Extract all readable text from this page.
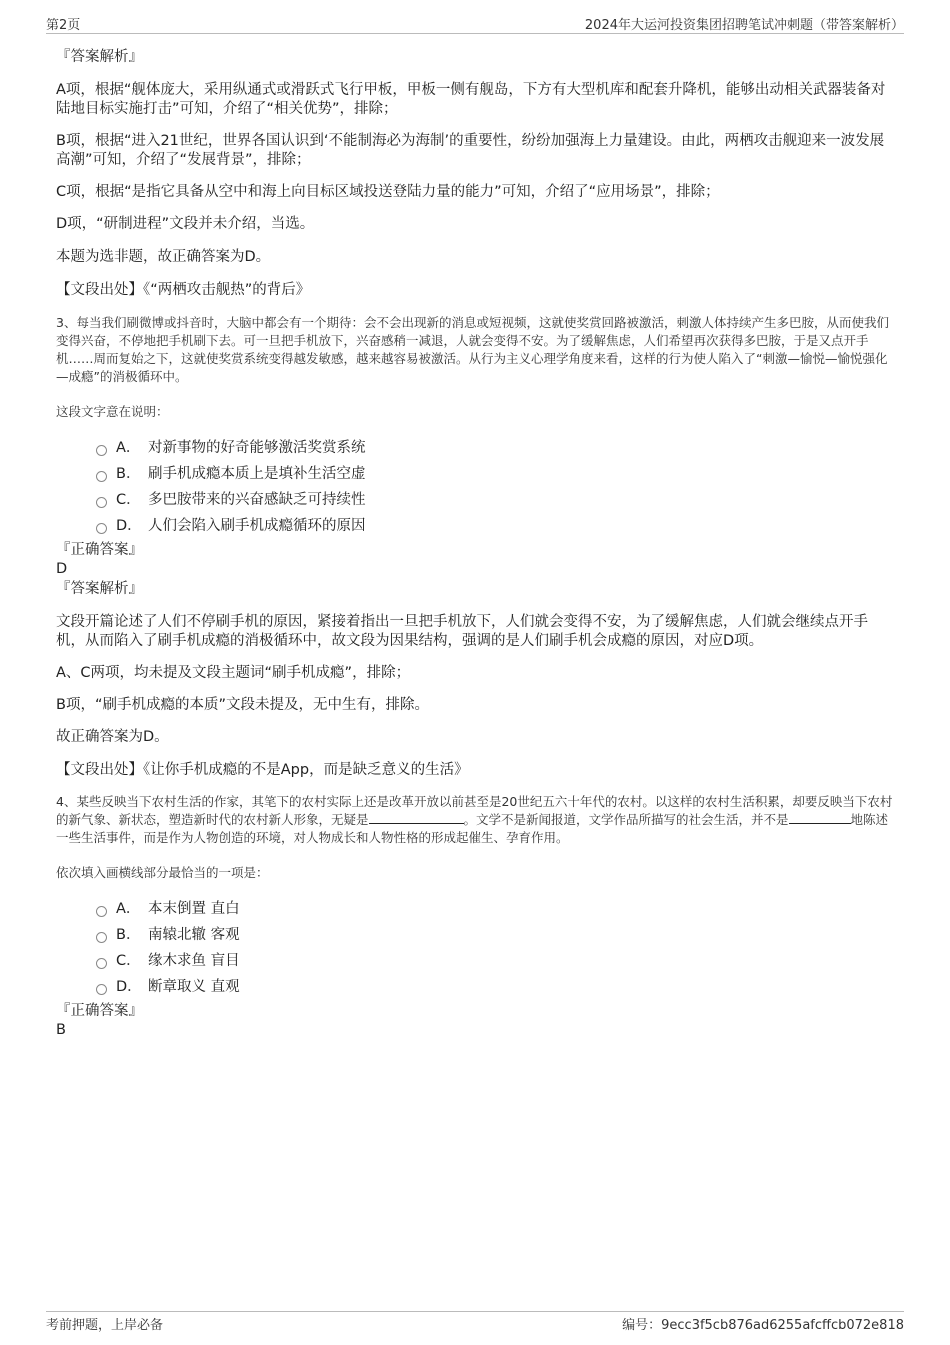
第2页	2024年大运河投资集团招聘笔试冲刺题（带答案解析）

『答案解析』

A项，根据“舰体庞大，采用纵通式或滑跃式飞行甲板，甲板一侧有舰岛，下方有大型机库和配套升降机，能够出动相关武器装备对陆地目标实施打击”可知，介绍了“相关优势”，排除；

B项，根据“进入21世纪，世界各国认识到‘不能制海必为海制’的重要性，纷纷加强海上力量建设。由此，两栖攻击舰迎来一波发展高潮”可知，介绍了“发展背景”，排除；

C项，根据“是指它具备从空中和海上向目标区域投送登陆力量的能力”可知，介绍了“应用场景”，排除；

D项，“研制进程”文段并未介绍，当选。

本题为选非题，故正确答案为D。

【文段出处】《“两栖攻击舰热”的背后》

3、每当我们刷微博或抖音时，大脑中都会有一个期待：会不会出现新的消息或短视频，这就使奖赏回路被激活，刺激人体持续产生多巴胺，从而使我们变得兴奋，不停地把手机刷下去。可一旦把手机放下，兴奋感稍一减退，人就会变得不安。为了缓解焦虑，人们希望再次获得多巴胺，于是又点开手机……周而复始之下，这就使奖赏系统变得越发敏感，越来越容易被激活。从行为主义心理学角度来看，这样的行为使人陷入了“刺激—愉悦—愉悦强化—成瘾”的消极循环中。

这段文字意在说明：

A． 对新事物的好奇能够激活奖赏系统
B． 刷手机成瘾本质上是填补生活空虚
C． 多巴胺带来的兴奋感缺乏可持续性
D． 人们会陷入刷手机成瘾循环的原因

『正确答案』

D

『答案解析』

文段开篇论述了人们不停刷手机的原因，紧接着指出一旦把手机放下，人们就会变得不安，为了缓解焦虑，人们就会继续点开手机，从而陷入了刷手机成瘾的消极循环中，故文段为因果结构，强调的是人们刷手机会成瘾的原因，对应D项。

A、C两项，均未提及文段主题词“刷手机成瘾”，排除；

B项，“刷手机成瘾的本质”文段未提及，无中生有，排除。

故正确答案为D。

【文段出处】《让你手机成瘾的不是App，而是缺乏意义的生活》

4、某些反映当下农村生活的作家，其笔下的农村实际上还是改革开放以前甚至是20世纪五六十年代的农村。以这样的农村生活积累，却要反映当下农村的新气象、新状态，塑造新时代的农村新人形象，无疑是	。文学不是新闻报道，文学作品所描写的社会生活，并不是	地陈述一些生活事件，而是作为人物创造的环境，对人物成长和人物性格的形成起催生、孕育作用。

依次填入画横线部分最恰当的一项是：

A． 本末倒置 直白
B． 南辕北辙 客观
C． 缘木求鱼 盲目
D． 断章取义 直观

『正确答案』

B

考前押题，上岸必备	编号：9ecc3f5cb876ad6255afcffcb072e818
